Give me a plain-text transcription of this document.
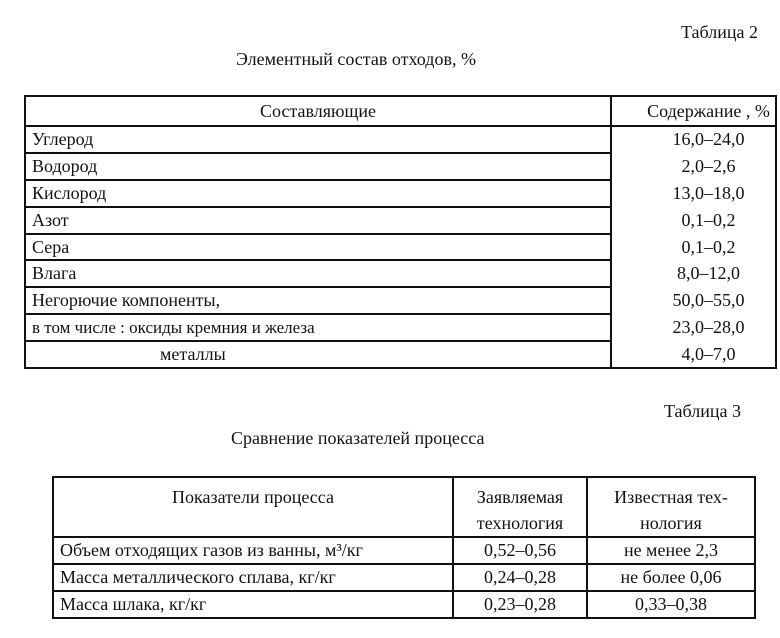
Таблица 2
Элементный состав отходов, %
Составляющие	Содержание , %
Углерод	16,0–24,0
Водород	2,0–2,6
Кислород	13,0–18,0
Азот	0,1–0,2
Сера	0,1–0,2
Влага	8,0–12,0
Негорючие компоненты,	50,0–55,0
в том числе : оксиды кремния и железа	23,0–28,0
металлы	4,0–7,0
Таблица 3
Сравнение показателей процесса
Показатели процесса	Заявляемая технология	Известная тех-нология
Объем отходящих газов из ванны, м³/кг	0,52–0,56	не менее 2,3
Масса металлического сплава, кг/кг	0,24–0,28	не более 0,06
Масса шлака, кг/кг	0,23–0,28	0,33–0,38
